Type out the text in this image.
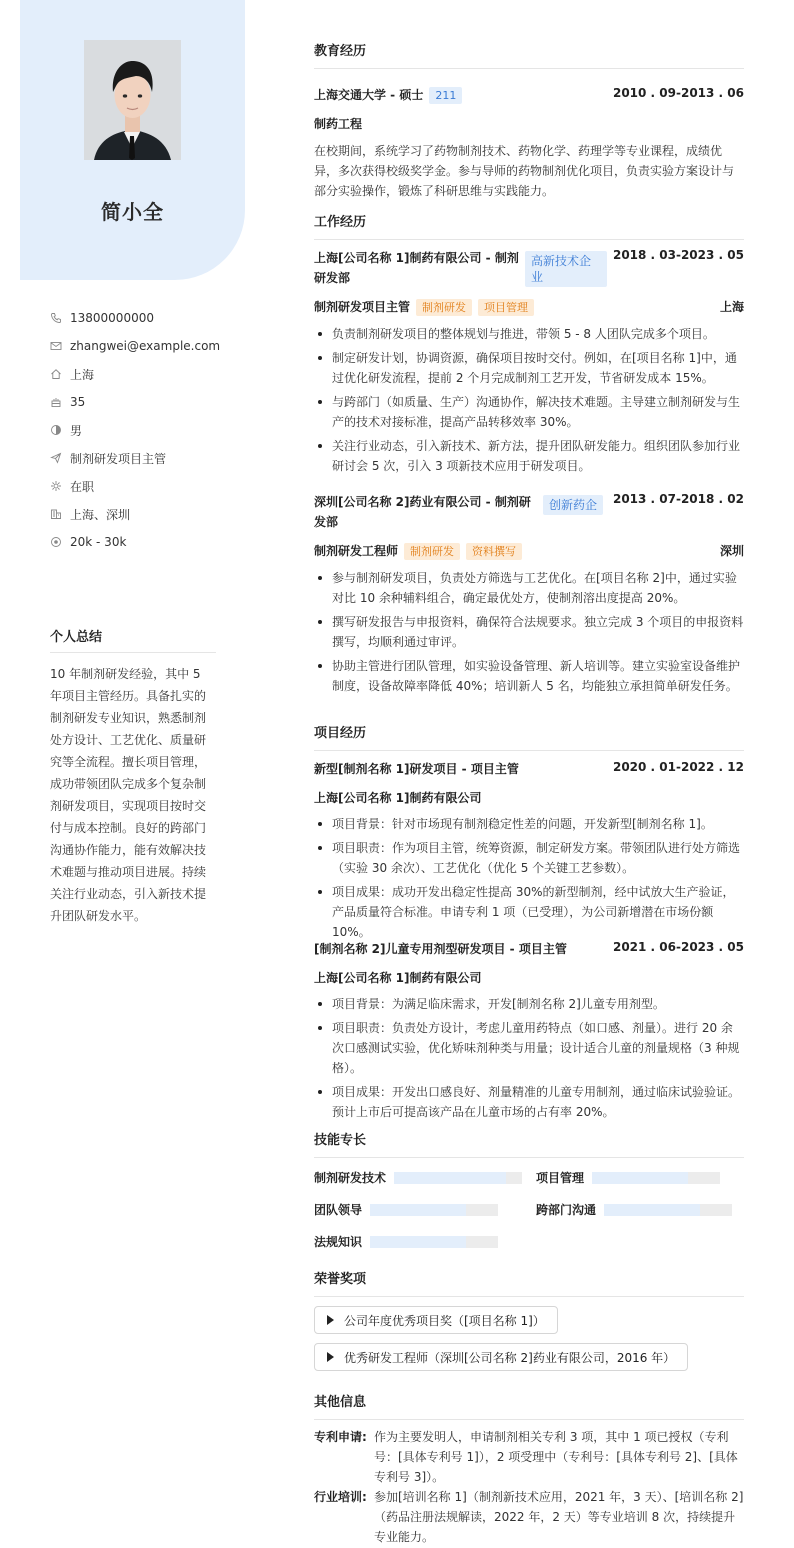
简小全
13800000000
zhangwei@example.com
上海
35
男
制剂研发项目主管
在职
上海、深圳
20k - 30k
个人总结
10 年制剂研发经验，其中 5 年项目主管经历。具备扎实的制剂研发专业知识，熟悉制剂处方设计、工艺优化、质量研究等全流程。擅长项目管理，成功带领团队完成多个复杂制剂研发项目，实现项目按时交付与成本控制。良好的跨部门沟通协作能力，能有效解决技术难题与推动项目进展。持续关注行业动态，引入新技术提升团队研发水平。
教育经历
上海交通大学 - 硕士 211	2010 . 09-2013 . 06
制药工程
在校期间，系统学习了药物制剂技术、药物化学、药理学等专业课程，成绩优异，多次获得校级奖学金。参与导师的药物制剂优化项目，负责实验方案设计与部分实验操作，锻炼了科研思维与实践能力。
工作经历
上海[公司名称 1]制药有限公司 - 制剂研发部
高新技术企业
2018 . 03-2023 . 05
制剂研发项目主管 制剂研发 项目管理	上海
负责制剂研发项目的整体规划与推进，带领 5 - 8 人团队完成多个项目。
制定研发计划，协调资源，确保项目按时交付。例如，在[项目名称 1]中，通过优化研发流程，提前 2 个月完成制剂工艺开发，节省研发成本 15%。
与跨部门（如质量、生产）沟通协作，解决技术难题。主导建立制剂研发与生产的技术对接标准，提高产品转移效率 30%。
关注行业动态，引入新技术、新方法，提升团队研发能力。组织团队参加行业研讨会 5 次，引入 3 项新技术应用于研发项目。
深圳[公司名称 2]药业有限公司 - 制剂研发部
创新药企	2013 . 07-2018 . 02
制剂研发工程师 制剂研发 资料撰写	深圳
参与制剂研发项目，负责处方筛选与工艺优化。在[项目名称 2]中，通过实验对比 10 余种辅料组合，确定最优处方，使制剂溶出度提高 20%。
撰写研发报告与申报资料，确保符合法规要求。独立完成 3 个项目的申报资料撰写，均顺利通过审评。
协助主管进行团队管理，如实验设备管理、新人培训等。建立实验室设备维护制度，设备故障率降低 40%；培训新人 5 名，均能独立承担简单研发任务。
项目经历
新型[制剂名称 1]研发项目 - 项目主管	2020 . 01-2022 . 12
上海[公司名称 1]制药有限公司
项目背景：针对市场现有制剂稳定性差的问题，开发新型[制剂名称 1]。
项目职责：作为项目主管，统筹资源，制定研发方案。带领团队进行处方筛选（实验 30 余次）、工艺优化（优化 5 个关键工艺参数）。
项目成果：成功开发出稳定性提高 30%的新型制剂，经中试放大生产验证，产品质量符合标准。申请专利 1 项（已受理），为公司新增潜在市场份额 10%。
[制剂名称 2]儿童专用剂型研发项目 - 项目主管	2021 . 06-2023 . 05
上海[公司名称 1]制药有限公司
项目背景：为满足临床需求，开发[制剂名称 2]儿童专用剂型。
项目职责：负责处方设计，考虑儿童用药特点（如口感、剂量）。进行 20 余次口感测试实验，优化矫味剂种类与用量；设计适合儿童的剂量规格（3 种规格）。
项目成果：开发出口感良好、剂量精准的儿童专用制剂，通过临床试验验证。预计上市后可提高该产品在儿童市场的占有率 20%。
技能专长
制剂研发技术	项目管理
团队领导	跨部门沟通
法规知识
荣誉奖项
公司年度优秀项目奖（[项目名称 1]）
优秀研发工程师（深圳[公司名称 2]药业有限公司，2016 年）
其他信息
专利申请: 作为主要发明人，申请制剂相关专利 3 项，其中 1 项已授权（专利号：[具体专利号 1]），2 项受理中（专利号：[具体专利号 2]、[具体专利号 3]）。
行业培训: 参加[培训名称 1]（制剂新技术应用，2021 年，3 天）、[培训名称 2]（药品注册法规解读，2022 年，2 天）等专业培训 8 次，持续提升专业能力。
